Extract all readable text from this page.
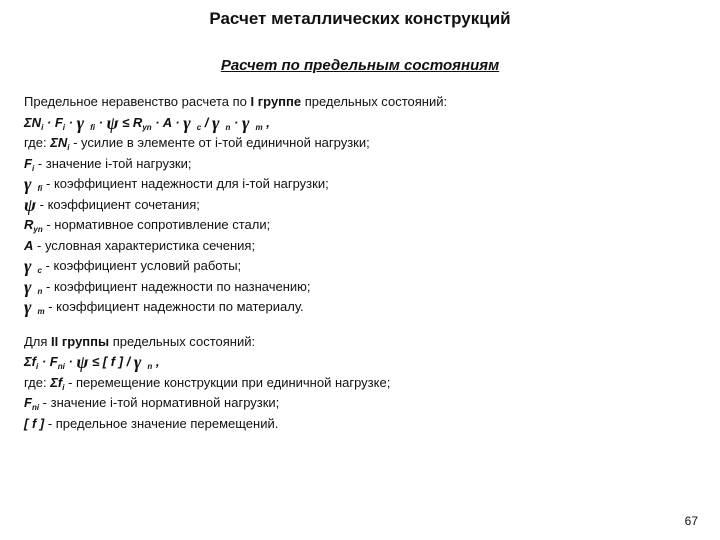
Расчет металлических конструкций
Расчет по предельным состояниям
Предельное неравенство расчета по I группе предельных состояний:
$\Sigma N_i \cdot F_i \cdot \gamma$ $_{fi} \cdot \psi \le R_{yn} \cdot A \cdot \gamma$ $_c$ / γ $_n$ · γ $_m$ ,
где: $\Sigma N_i$ - усилие в элементе от i-той единичной нагрузки;
$F_i$ - значение i-той нагрузки;
γ $_{fi}$ - коэффициент надежности для i-той нагрузки;
ψ - коэффициент сочетания;
$R_{yn}$ - нормативное сопротивление стали;
A - условная характеристика сечения;
γ $_c$ - коэффициент условий работы;
γ $_n$ - коэффициент надежности по назначению;
γ $_m$ - коэффициент надежности по материалу.
Для II группы предельных состояний:
$\Sigma f_i \cdot F_{ni} \cdot \psi$ ≤ [ f ] / γ $_n$ ,
где: $\Sigma f_i$ - перемещение конструкции при единичной нагрузке;
$F_{ni}$ - значение i-той нормативной нагрузки;
[ f ] - предельное значение перемещений.
67
